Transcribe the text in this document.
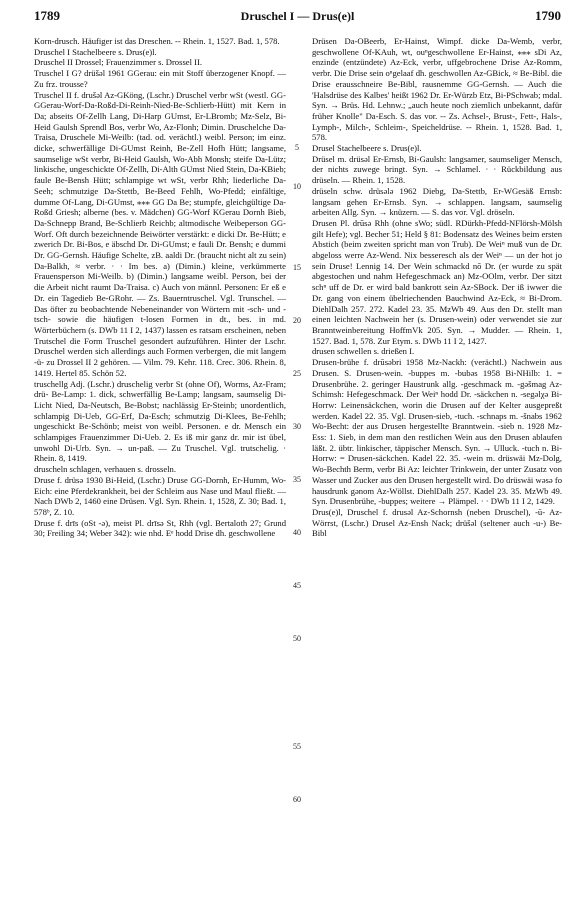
1789	Druschel I — Drus(e)l	1790

Korn-drusch. Häufiger ist das Dreschen. -- Rhein. 1, 1527. Bad. 1, 578.

Druschel I Stachelbeere s. Drus(e)l.

Druschel II Drossel; Frauenzimmer s. Drossel II.

Truschel I G? drüšǝl 1961 GGerau: ein mit Stoff überzogener Knopf. — Zu frz. trousse?

Truschel II f. drušǝl Az-GKöng, (Lschr.) Druschel verbr wSt (westl. GG-GGerau-Worf-Da-Roßd-Di-Reinh-Nied-Be-Schlierb-Hütt) mit Kern in Da; abseits Of-Zellh Lang, Di-Harp GUmst, Er-LBromb; Mz-Selz, Bi-Heid Gaulsh Sprendl Bos, verbr Wo, Az-Flonh; Dimin. Druschelche Da-Traisa, Druschele Mi-Weilb: (tad. od. verächtl.) weibl. Person; im einz. dicke, schwerfällige Di-GUmst Reinh, Be-Zell Hofh Hütt; langsame, saumselige wSt verbr, Bi-Heid Gaulsh, Wo-Abh Monsh; steife Da-Lütz; linkische, ungeschickte Of-Zellh, Di-Alth GUmst Nied Stein, Da-KBieb; faule Be-Bensh Hütt; schlampige wt wSt, verbr Rhh; liederliche Da-Seeh; schmutzige Da-Stettb, Be-Beed Fehlh, Wo-Pfedd; einfältige, dumme Of-Lang, Di-GUmst, ⁎⁎⁎ GG Da Be; stumpfe, gleichgültige Da-Roßd Griesh; alberne (bes. v. Mädchen) GG-Worf KGerau Dornh Bieb, Da-Schnepp Brand, Be-Schlierb Reichb; altmodische Weibeperson GG-Worf. Oft durch bezeichnende Beiwörter verstärkt: e dicki Dr. Be-Hütt; e zwerich Dr. Bi-Bos, e äbschd Dr. Di-GUmst; e fauli Dr. Bensh; e dummi Dr. GG-Gernsh. Häufige Schelte, zB. aaldi Dr. (braucht nicht alt zu sein) Da-Balkh, ≈ verbr. · · Im bes. a) (Dimin.) kleine, verkümmerte Frauensperson Mi-Weilb. b) (Dimin.) langsame weibl. Person, bei der die Arbeit nicht raumt Da-Traisa. c) Auch von männl. Personen: Er eß e Dr. ein Tagedieb Be-GRohr. — Zs. Bauerntruschel. Vgl. Trunschel. — Das öfter zu beobachtende Nebeneinander von Wörtern mit -sch- und -tsch- sowie die häufigen t-losen Formen in dt., bes. in md. Wörterbüchern (s. DWb 11 I 2, 1437) lassen es ratsam erscheinen, neben Trutschel die Form Truschel gesondert aufzuführen. Hinter der Lschr. Druschel werden sich allerdings auch Formen verbergen, die mit langem -ü- zu Drossel II 2 gehören. — Vilm. 79. Kehr. 118. Crec. 306. Rhein. 8, 1419. Hertel 85. Schön 52.

truschellg Adj. (Lschr.) druschelig verbr St (ohne Of), Worms, Az-Fram; drü- Be-Lamp: 1. dick, schwerfällig Be-Lamp; langsam, saumselig Di-Licht Nied, Da-Neutsch, Be-Bobst; nachlässig Er-Steinb; unordentlich, schlampig Di-Ueb, GG-Erf, Da-Esch; schmutzig Di-Klees, Be-Fehlh; ungeschickt Be-Schönb; meist von weibl. Personen. e dr. Mensch ein schlampiges Frauenzimmer Di-Ueb. 2. Es iß mir ganz dr. mir ist übel, unwohl Di-Urb. Syn. → un-paß. — Zu Truschel. Vgl. trutschelig. · Rhein. 8, 1419.

druscheln schlagen, verhauen s. drosseln.

Druse f. drüsǝ 1930 Bi-Heid, (Lschr.) Druse GG-Dornh, Er-Humm, Wo-Eich: eine Pferdekrankheit, bei der Schleim aus Nase und Maul fließt. — Nach DWb 2, 1460 eine Drüsen. Vgl. Syn. Rhein. 1, 1528, Z. 30; Bad. 1, 578ᵇ, Z. 10.

Druse f. drīs (oSt -ǝ), meist Pl. drīsǝ St, Rhh (vgl. Bertaloth 27; Grund 30; Freiling 34; Weber 342): wie nhd. Eᵉ hodd Drise dh. geschwollene

5
10
15
20
25
30
35
40
45
50
55
60

Drüsen Da-OBeerb, Er-Hainst, Wimpf. dicke Da-Wemb, verbr, geschwollene Of-KAuh, wt, ouⁿgeschwollene Er-Hainst, ⁎⁎⁎ sDi Az, enzinde (entzündete) Az-Eck, verbr, uffgebrochene Drise Az-Romm, verbr. Die Drise sein oⁿgelaaf dh. geschwollen Az-GBick, ≈ Be-Bibl. die Drise erausschneire Be-Bibl, rausnemme GG-Gernsh. — Auch die 'Halsdrüse des Kalbes' heißt 1962 Dr. Er-Würzb Etz, Bi-PSchwab; mdal. Syn. → Brüs. Hd. Lehnw.; „auch heute noch ziemlich unbekannt, dafür früher Knolle" Da-Esch. S. das vor. -- Zs. Achsel-, Brust-, Fett-, Hals-, Lymph-, Milch-, Schleim-, Speicheldrüse. -- Rhein. 1, 1528. Bad. 1, 578.

Drusel Stachelbeere s. Drus(e)l.

Drüsel m. drüsǝl Er-Ernsb, Bi-Gaulsh: langsamer, saumseliger Mensch, der nichts zuwege bringt. Syn. → Schlamel. · · Rückbildung aus drüseln. — Rhein. 1, 1528.

drüseln schw. drüsǝlǝ 1962 Diebg, Da-Stettb, Er-WGesäß Ernsb: langsam gehen Er-Ernsb. Syn. → schlappen. langsam, saumselig arbeiten Allg. Syn. → knüzern. — S. das vor. Vgl. dröseln.

Drusen Pl. drūsǝ Rhh (ohne sWo; südl. RDürkh-Pfedd-NFlörsh-Mölsh gilt Hefe); vgl. Becher 51; Held § 81: Bodensatz des Weines beim ersten Abstich (beim zweiten spricht man von Trub). De Weiⁿ muß vun de Dr. abgeloss werre Az-Wend. Nix besseresch als der Weiⁿ — un der hot jo sein Druse! Lennig 14. Der Wein schmackd nō Dr. (er wurde zu spät abgestochen und nahm Hefegeschmack an) Mz-OOlm, verbr. Der sitzt schⁿ uff de Dr. er wird bald bankrott sein Az-SBock. Der iß iwwer die Dr. gang von einem übelriechenden Bauchwind Az-Eck, ≈ Bi-Drom. DiehlDalh 257. 272. Kadel 23. 35. MzWb 49. Aus den Dr. stellt man einen leichten Nachwein her (s. Drusen-wein) oder verwendet sie zur Branntweinbereitung HoffmVk 205. Syn. → Mudder. — Rhein. 1, 1527. Bad. 1, 578. Zur Etym. s. DWb 11 I 2, 1427.

drusen schwellen s. drießen I.

Drusen-brühe f. drūsǝbri 1958 Mz-Nackh: (verächtl.) Nachwein aus Drusen. S. Drusen-wein. -buppes m. -bubǝs 1958 Bi-NHilb: 1. = Drusenbrühe. 2. geringer Haustrunk allg. -geschmack m. -gǝšmag Az-Schimsh: Hefegeschmack. Der Weiⁿ hodd Dr. -säckchen n. -segǝlχǝ Bi-Horrw: Leinensäckchen, worin die Drusen auf der Kelter ausgepreßt werden. Kadel 22. 35. Vgl. Drusen-sieb, -tuch. -schnaps m. -šnabs 1962 Wo-Becht: der aus Drusen hergestellte Branntwein. -sieb n. 1928 Mz-Ess: 1. Sieb, in dem man den restlichen Wein aus den Drusen ablaufen läßt. 2. übtr. linkischer, täppischer Mensch. Syn. → Ulluck. -tuch n. Bi-Horrw: = Drusen-säckchen. Kadel 22. 35. -wein m. drüswäi Mz-Dolg, Wo-Bechth Berm, verbr Bi Az: leichter Trinkwein, der unter Zusatz von Wasser und Zucker aus den Drusen hergestellt wird. Do drüswäi wǝsǝ fo hausdrunk gǝnom Az-Wöllst. DiehlDalh 257. Kadel 23. 35. MzWb 49. Syn. Drusenbrühe, -buppes; weitere → Plämpel. · · DWb 11 I 2, 1429.

Drus(e)l, Druschel f. drusǝl Az-Schornsh (neben Druschel), -ū- Az-Wörrst, (Lschr.) Drusel Az-Ensh Nack; drüšǝl (seltener auch -u-) Be-Bibl
